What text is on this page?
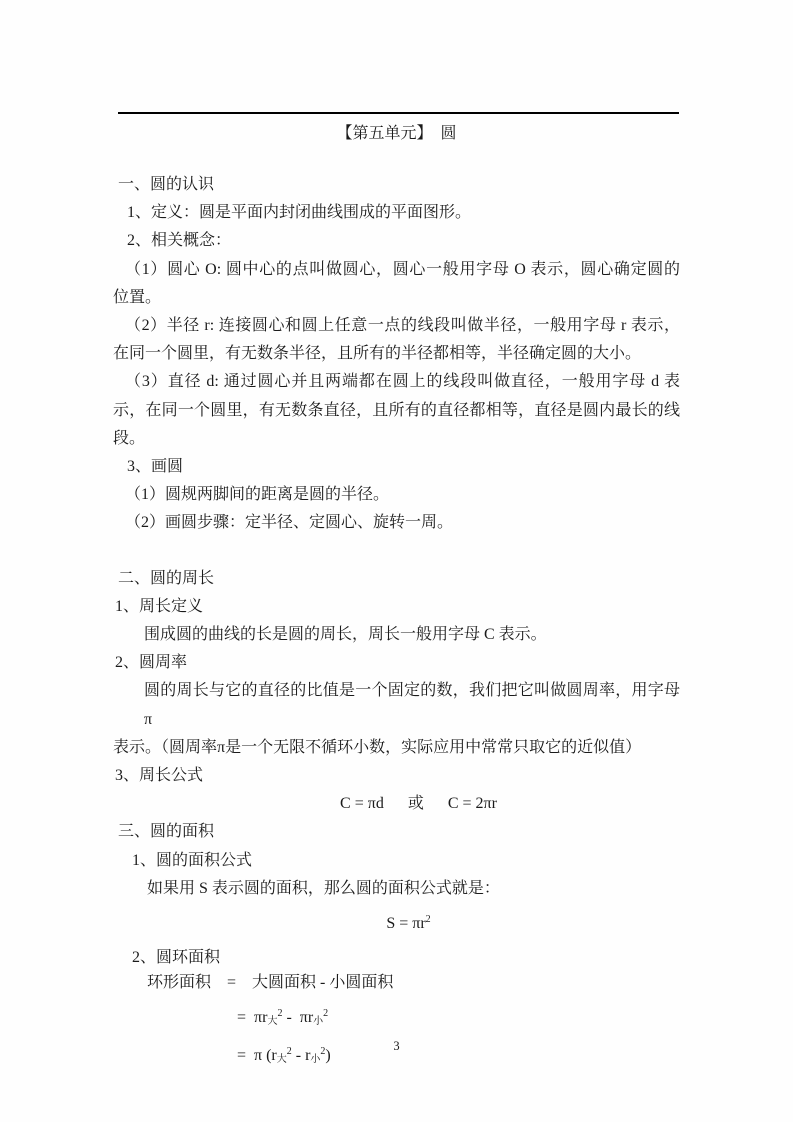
【第五单元】　圆
一、圆的认识
1、定义：圆是平面内封闭曲线围成的平面图形。
2、相关概念：
（1）圆心 O: 圆中心的点叫做圆心，圆心一般用字母 O 表示，圆心确定圆的
位置。
（2）半径 r: 连接圆心和圆上任意一点的线段叫做半径，一般用字母 r 表示，
在同一个圆里，有无数条半径，且所有的半径都相等，半径确定圆的大小。
（3）直径 d: 通过圆心并且两端都在圆上的线段叫做直径，一般用字母 d 表
示，在同一个圆里，有无数条直径，且所有的直径都相等，直径是圆内最长的线
段。
3、画圆
（1）圆规两脚间的距离是圆的半径。
（2）画圆步骤：定半径、定圆心、旋转一周。
二、圆的周长
1、周长定义
围成圆的曲线的长是圆的周长，周长一般用字母 C 表示。
2、圆周率
圆的周长与它的直径的比值是一个固定的数，我们把它叫做圆周率，用字母π
表示。（圆周率π是一个无限不循环小数，实际应用中常常只取它的近似值）
3、周长公式
C = πd　  或　  C = 2πr
三、圆的面积
1、圆的面积公式
如果用 S 表示圆的面积，那么圆的面积公式就是：
$S = \pi r^2$
2、圆环面积
环形面积　=　大圆面积 - 小圆面积
=  $\pi r_大^2 - \pi r_小^2$
=  π $(r_大^2 - r_小^2)$
3
